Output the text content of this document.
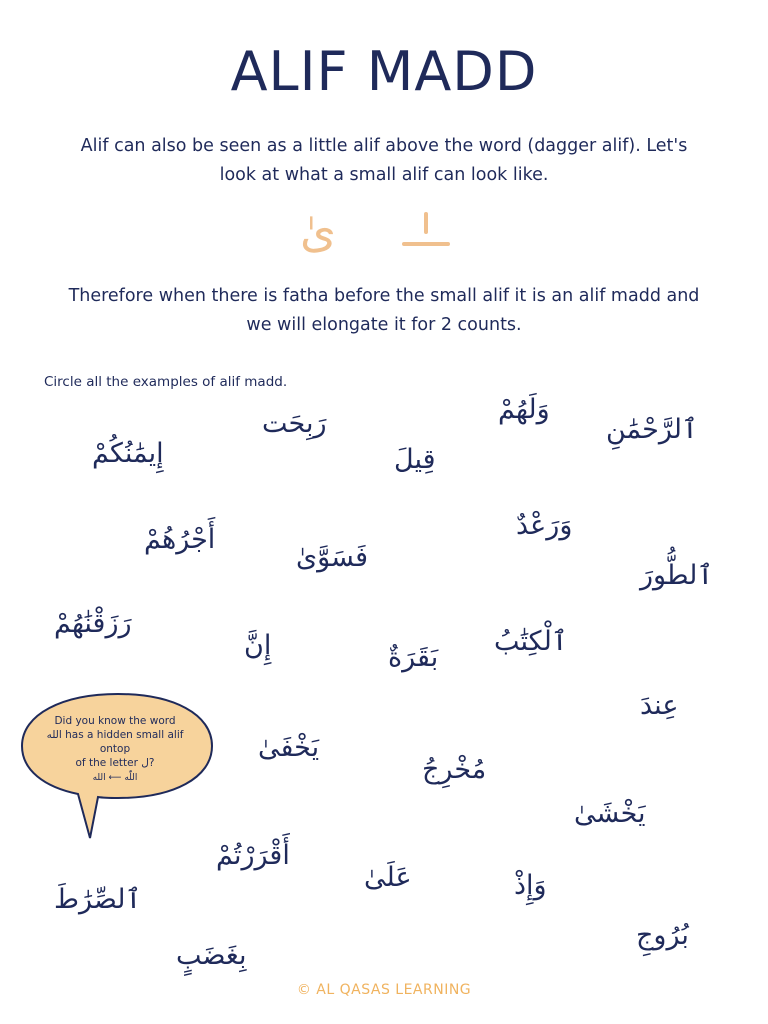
ALIF MADD

Alif can also be seen as a little alif above the word (dagger alif). Let's look at what a small alif can look like.

ىٰ

Therefore when there is fatha before the small alif it is an alif madd and we will elongate it for 2 counts.

Circle all the examples of alif madd.
وَلَهُمْ
رَبِحَت	ٱلرَّحْمَٰنِ
إِيمَٰنُكُمْ	قِيلَ
وَرَعْدٌ
أَجْرُهُمْ
فَسَوَّىٰ
ٱلطُّورَ
رَزَقْنَٰهُمْ
إِنَّ	بَقَرَةٌ
ٱلْكِتَٰبُ
عِندَ
يَخْفَىٰ
مُخْرِجُ
يَخْشَىٰ
أَقْرَرْتُمْ
عَلَىٰ	وَإِذْ
ٱلصِّرَٰطَ
بُرُوجِ
بِغَضَبٍ
Did you know the word
الله has a hidden small alif ontop
of the letter ل?
اللّٰه ⟵ الله
© AL QASAS LEARNING
